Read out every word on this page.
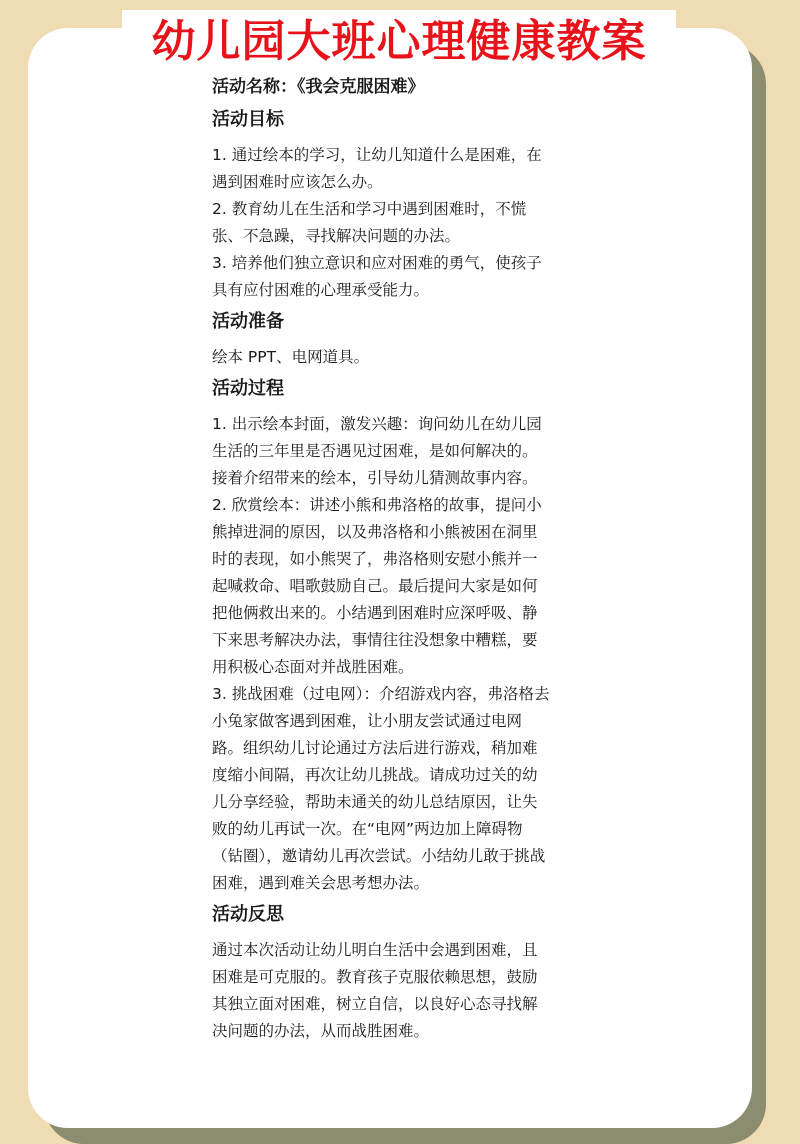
幼儿园大班心理健康教案
活动名称：《我会克服困难》
活动目标
1. 通过绘本的学习，让幼儿知道什么是困难，在
遇到困难时应该怎么办。
2. 教育幼儿在生活和学习中遇到困难时，不慌
张、不急躁，寻找解决问题的办法。
3. 培养他们独立意识和应对困难的勇气，使孩子
具有应付困难的心理承受能力。
活动准备
绘本 PPT、电网道具。
活动过程
1. 出示绘本封面，激发兴趣：询问幼儿在幼儿园
生活的三年里是否遇见过困难，是如何解决的。
接着介绍带来的绘本，引导幼儿猜测故事内容。
2. 欣赏绘本：讲述小熊和弗洛格的故事，提问小
熊掉进洞的原因，以及弗洛格和小熊被困在洞里
时的表现，如小熊哭了，弗洛格则安慰小熊并一
起喊救命、唱歌鼓励自己。最后提问大家是如何
把他俩救出来的。小结遇到困难时应深呼吸、静
下来思考解决办法，事情往往没想象中糟糕，要
用积极心态面对并战胜困难。
3. 挑战困难（过电网）：介绍游戏内容，弗洛格去
小兔家做客遇到困难，让小朋友尝试通过电网
路。组织幼儿讨论通过方法后进行游戏，稍加难
度缩小间隔，再次让幼儿挑战。请成功过关的幼
儿分享经验，帮助未通关的幼儿总结原因，让失
败的幼儿再试一次。在“电网”两边加上障碍物
（钻圈），邀请幼儿再次尝试。小结幼儿敢于挑战
困难，遇到难关会思考想办法。
活动反思
通过本次活动让幼儿明白生活中会遇到困难，且
困难是可克服的。教育孩子克服依赖思想，鼓励
其独立面对困难，树立自信，以良好心态寻找解
决问题的办法，从而战胜困难。
